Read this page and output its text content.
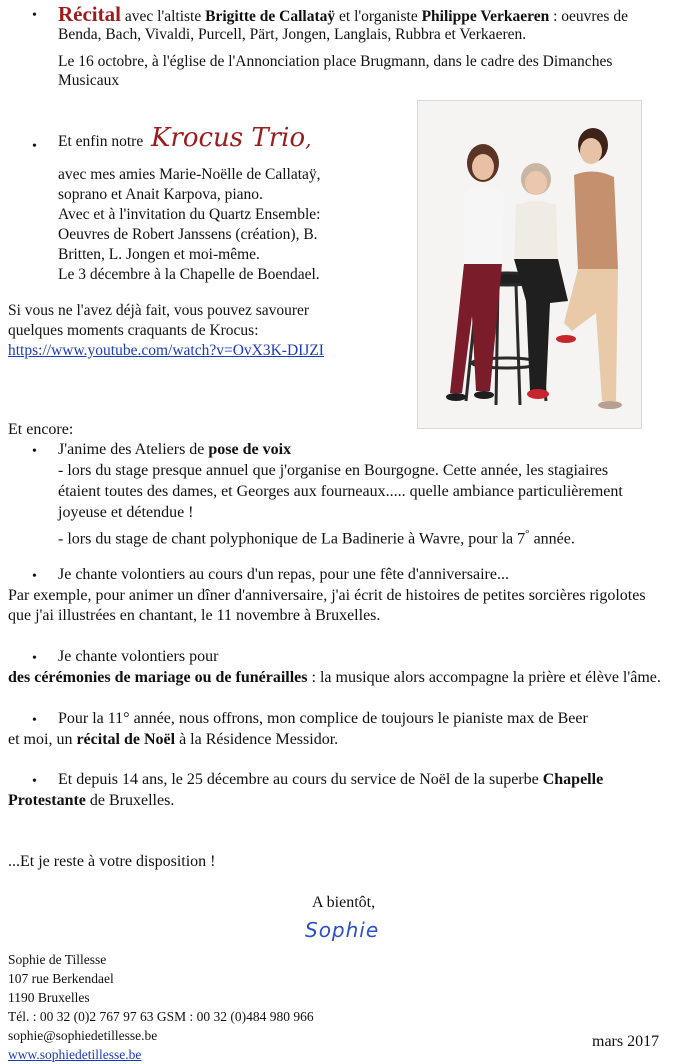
• Récital avec l'altiste Brigitte de Callataÿ et l'organiste Philippe Verkaeren : oeuvres de
Benda, Bach, Vivaldi, Purcell, Pärt, Jongen, Langlais, Rubbra et Verkaeren.
Le 16 octobre, à l'église de l'Annonciation place Brugmann, dans le cadre des Dimanches
Musicaux
• Et enfin notre Krocus Trio,
avec mes amies Marie-Noëlle de Callataÿ,
soprano et Anait Karpova, piano.
Avec et à l'invitation du Quartz Ensemble:
Oeuvres de Robert Janssens (création), B.
Britten, L. Jongen et moi-même.
Le 3 décembre à la Chapelle de Boendael.
Si vous ne l'avez déjà fait, vous pouvez savourer
quelques moments craquants de Krocus:
https://www.youtube.com/watch?v=OvX3K-DIJZI
Et encore:
• J'anime des Ateliers de pose de voix
- lors du stage presque annuel que j'organise en Bourgogne. Cette année, les stagiaires
étaient toutes des dames, et Georges aux fourneaux..... quelle ambiance particulièrement
joyeuse et détendue !
- lors du stage de chant polyphonique de La Badinerie à Wavre, pour la 7° année.
• Je chante volontiers au cours d'un repas, pour une fête d'anniversaire...
Par exemple, pour animer un dîner d'anniversaire, j'ai écrit de histoires de petites sorcières rigolotes
que j'ai illustrées en chantant, le 11 novembre à Bruxelles.
• Je chante volontiers pour
des cérémonies de mariage ou de funérailles : la musique alors accompagne la prière et élève l'âme.
• Pour la 11° année, nous offrons, mon complice de toujours le pianiste max de Beer
et moi, un récital de Noël à la Résidence Messidor.
• Et depuis 14 ans, le 25 décembre au cours du service de Noël de la superbe Chapelle
Protestante de Bruxelles.
...Et je reste à votre disposition !
A bientôt,
Sophie
Sophie de Tillesse
107 rue Berkendael
1190 Bruxelles
Tél. : 00 32 (0)2 767 97 63 GSM : 00 32 (0)484 980 966
sophie@sophiedetillesse.be
www.sophiedetillesse.be
mars 2017
